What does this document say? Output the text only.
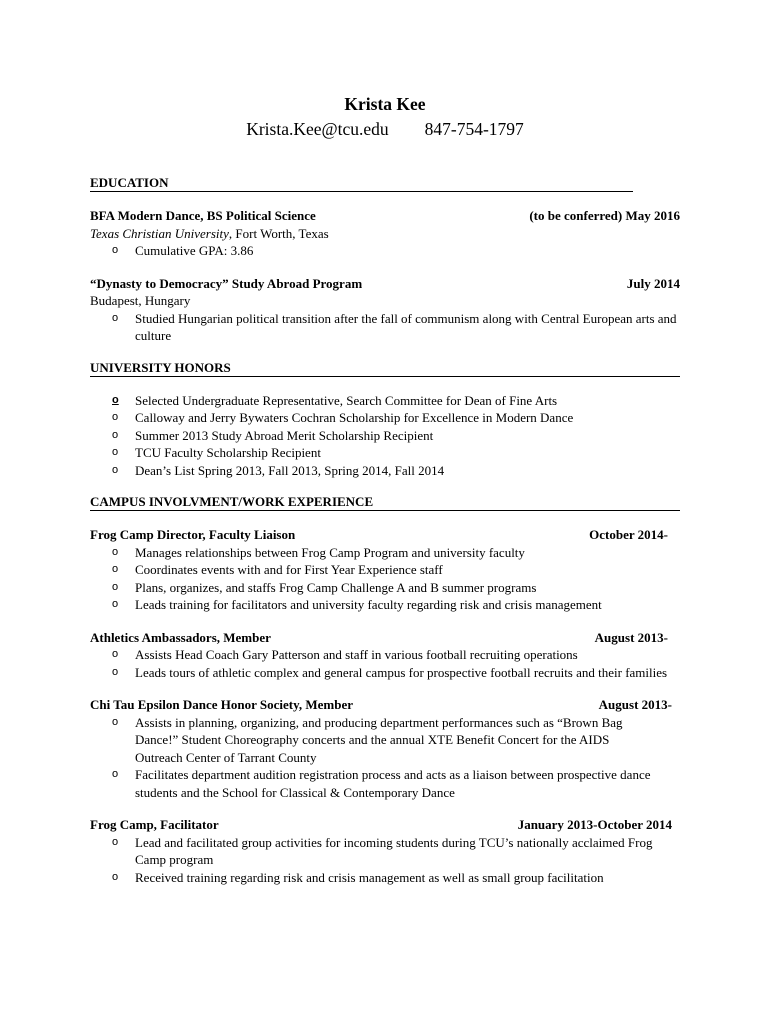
Krista Kee
Krista.Kee@tcu.edu 847-754-1797
EDUCATION
BFA Modern Dance, BS Political Science	(to be conferred) May 2016
Texas Christian University, Fort Worth, Texas
o Cumulative GPA: 3.86
“Dynasty to Democracy” Study Abroad Program	July 2014
Budapest, Hungary
o Studied Hungarian political transition after the fall of communism along with Central European arts and culture
UNIVERSITY HONORS
o Selected Undergraduate Representative, Search Committee for Dean of Fine Arts
o Calloway and Jerry Bywaters Cochran Scholarship for Excellence in Modern Dance
o Summer 2013 Study Abroad Merit Scholarship Recipient
o TCU Faculty Scholarship Recipient
o Dean’s List Spring 2013, Fall 2013, Spring 2014, Fall 2014
CAMPUS INVOLVMENT/WORK EXPERIENCE
Frog Camp Director, Faculty Liaison	October 2014-
o Manages relationships between Frog Camp Program and university faculty
o Coordinates events with and for First Year Experience staff
o Plans, organizes, and staffs Frog Camp Challenge A and B summer programs
o Leads training for facilitators and university faculty regarding risk and crisis management
Athletics Ambassadors, Member	August 2013-
o Assists Head Coach Gary Patterson and staff in various football recruiting operations
o Leads tours of athletic complex and general campus for prospective football recruits and their families
Chi Tau Epsilon Dance Honor Society, Member	August 2013-
o Assists in planning, organizing, and producing department performances such as “Brown Bag Dance!” Student Choreography concerts and the annual XTE Benefit Concert for the AIDS Outreach Center of Tarrant County
o Facilitates department audition registration process and acts as a liaison between prospective dance students and the School for Classical & Contemporary Dance
Frog Camp, Facilitator	January 2013-October 2014
o Lead and facilitated group activities for incoming students during TCU’s nationally acclaimed Frog Camp program
o Received training regarding risk and crisis management as well as small group facilitation
